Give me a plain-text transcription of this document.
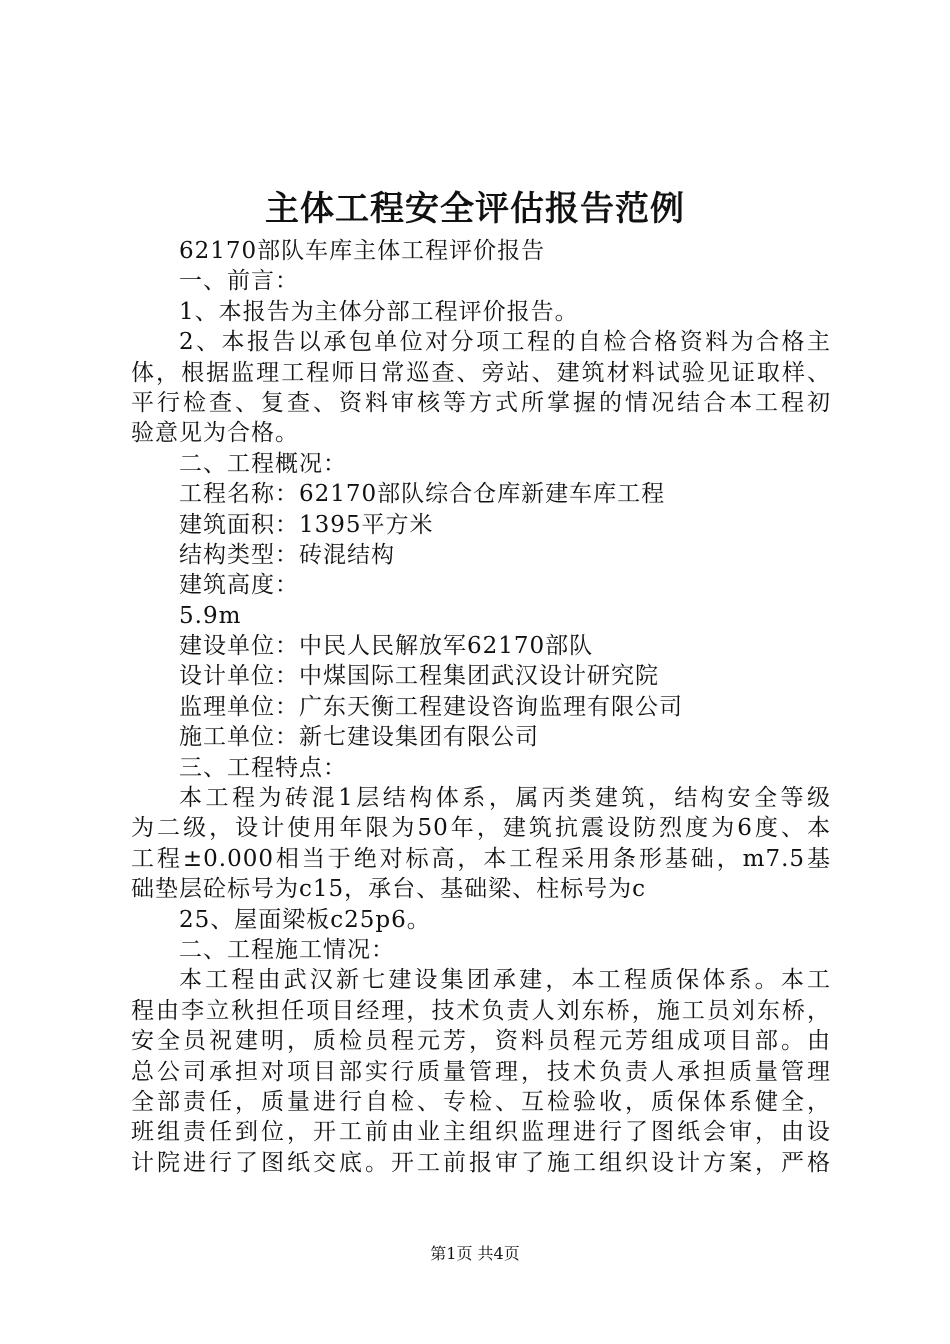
主体工程安全评估报告范例
62170部队车库主体工程评价报告
一、前言：
1、本报告为主体分部工程评价报告。
2、本报告以承包单位对分项工程的自检合格资料为合格主
体，根据监理工程师日常巡查、旁站、建筑材料试验见证取样、
平行检查、复查、资料审核等方式所掌握的情况结合本工程初
验意见为合格。
二、工程概况：
工程名称：62170部队综合仓库新建车库工程
建筑面积：1395平方米
结构类型：砖混结构
建筑高度：
5.9m
建设单位：中民人民解放军62170部队
设计单位：中煤国际工程集团武汉设计研究院
监理单位：广东天衡工程建设咨询监理有限公司
施工单位：新七建设集团有限公司
三、工程特点：
本工程为砖混1层结构体系，属丙类建筑，结构安全等级
为二级，设计使用年限为50年，建筑抗震设防烈度为6度、本
工程±0.000相当于绝对标高，本工程采用条形基础，m7.5基
础垫层砼标号为c15，承台、基础梁、柱标号为c
25、屋面梁板c25p6。
二、工程施工情况：
本工程由武汉新七建设集团承建，本工程质保体系。本工
程由李立秋担任项目经理，技术负责人刘东桥，施工员刘东桥，
安全员祝建明，质检员程元芳，资料员程元芳组成项目部。由
总公司承担对项目部实行质量管理，技术负责人承担质量管理
全部责任，质量进行自检、专检、互检验收，质保体系健全，
班组责任到位，开工前由业主组织监理进行了图纸会审，由设
计院进行了图纸交底。开工前报审了施工组织设计方案，严格
第1页 共4页
